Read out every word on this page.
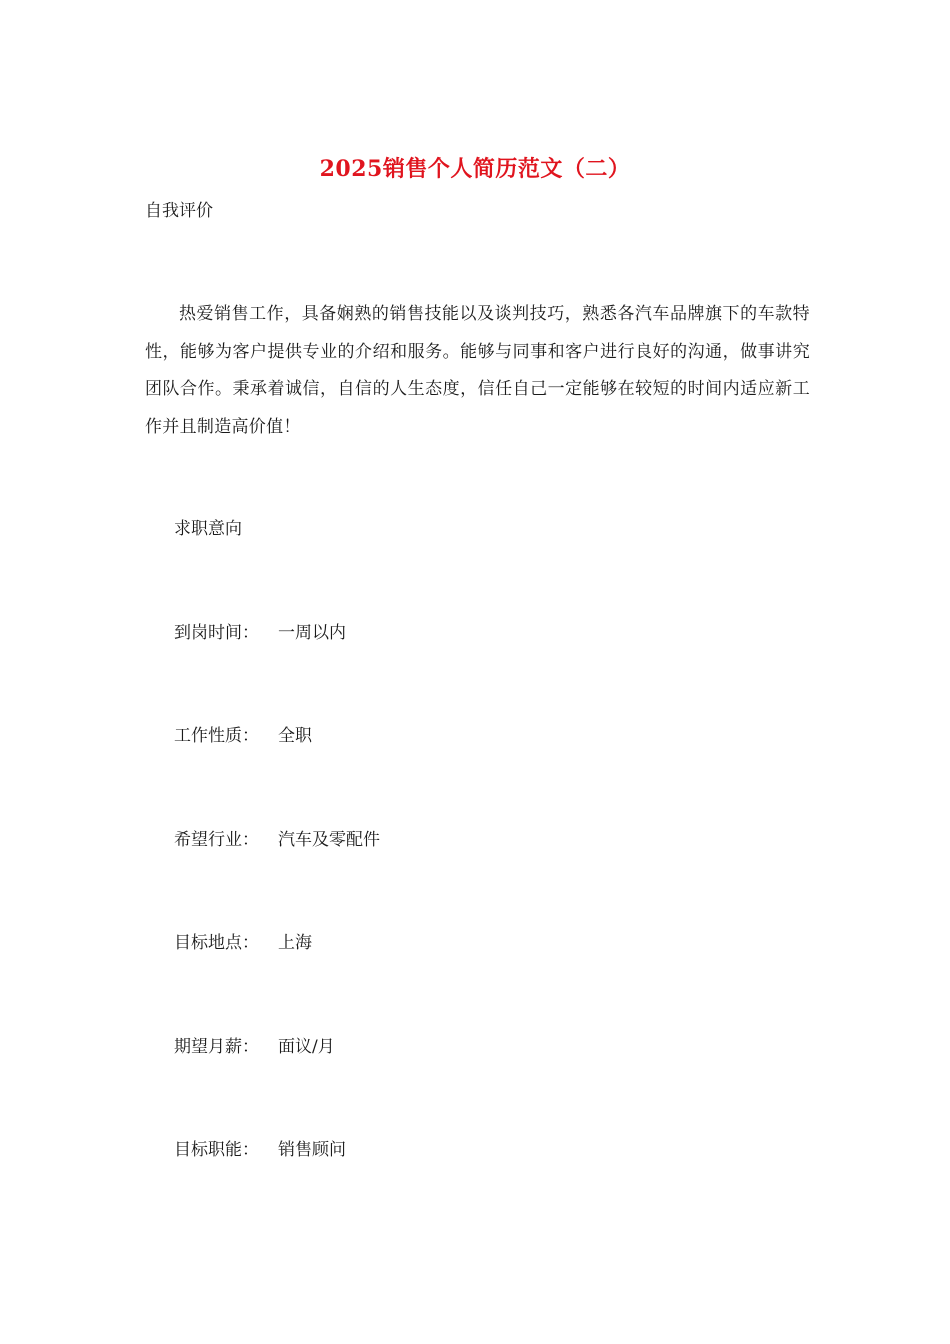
2025销售个人简历范文（二）
自我评价
热爱销售工作，具备娴熟的销售技能以及谈判技巧，熟悉各汽车品牌旗下的车款特性，能够为客户提供专业的介绍和服务。能够与同事和客户进行良好的沟通，做事讲究团队合作。秉承着诚信，自信的人生态度，信任自己一定能够在较短的时间内适应新工作并且制造高价值！
求职意向
到岗时间： 一周以内
工作性质： 全职
希望行业： 汽车及零配件
目标地点： 上海
期望月薪： 面议/月
目标职能： 销售顾问
